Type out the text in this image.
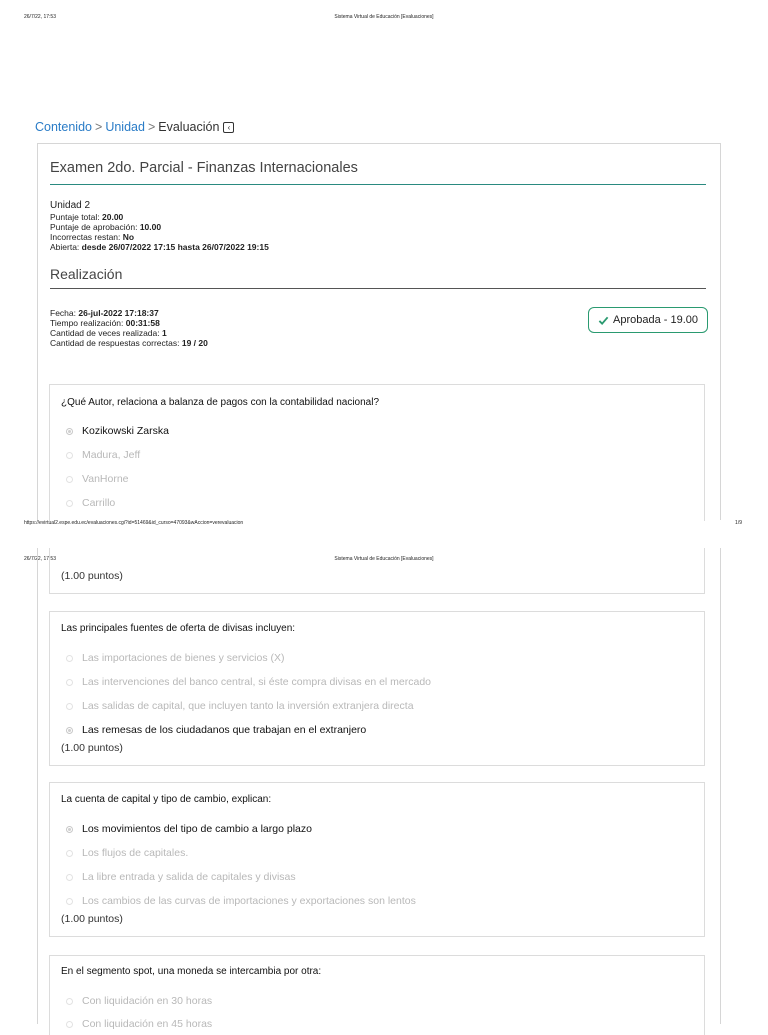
26/7/22, 17:53	Sistema Virtual de Educación [Evaluaciones]
Contenido > Unidad > Evaluación ‹
Examen 2do. Parcial - Finanzas Internacionales
Unidad 2
Puntaje total: 20.00
Puntaje de aprobación: 10.00
Incorrectas restan: No
Abierta: desde 26/07/2022 17:15 hasta 26/07/2022 19:15
Realización
Fecha: 26-jul-2022 17:18:37
Tiempo realización: 00:31:58
Cantidad de veces realizada: 1
Cantidad de respuestas correctas: 19 / 20
Aprobada - 19.00
¿Qué Autor, relaciona a balanza de pagos con la contabilidad nacional?
Kozikowski Zarska
Madura, Jeff
VanHorne
Carrillo
https://evirtual2.espe.edu.ec/evaluaciones.cgi?id=51469&id_curso=47093&wAccion=verevaluacion	1/9
26/7/22, 17:53	Sistema Virtual de Educación [Evaluaciones]
(1.00 puntos)
Las principales fuentes de oferta de divisas incluyen:
Las importaciones de bienes y servicios (X)
Las intervenciones del banco central, si éste compra divisas en el mercado
Las salidas de capital, que incluyen tanto la inversión extranjera directa
Las remesas de los ciudadanos que trabajan en el extranjero
(1.00 puntos)
La cuenta de capital y tipo de cambio, explican:
Los movimientos del tipo de cambio a largo plazo
Los flujos de capitales.
La libre entrada y salida de capitales y divisas
Los cambios de las curvas de importaciones y exportaciones son lentos
(1.00 puntos)
En el segmento spot, una moneda se intercambia por otra:
Con liquidación en 30 horas
Con liquidación en 45 horas
